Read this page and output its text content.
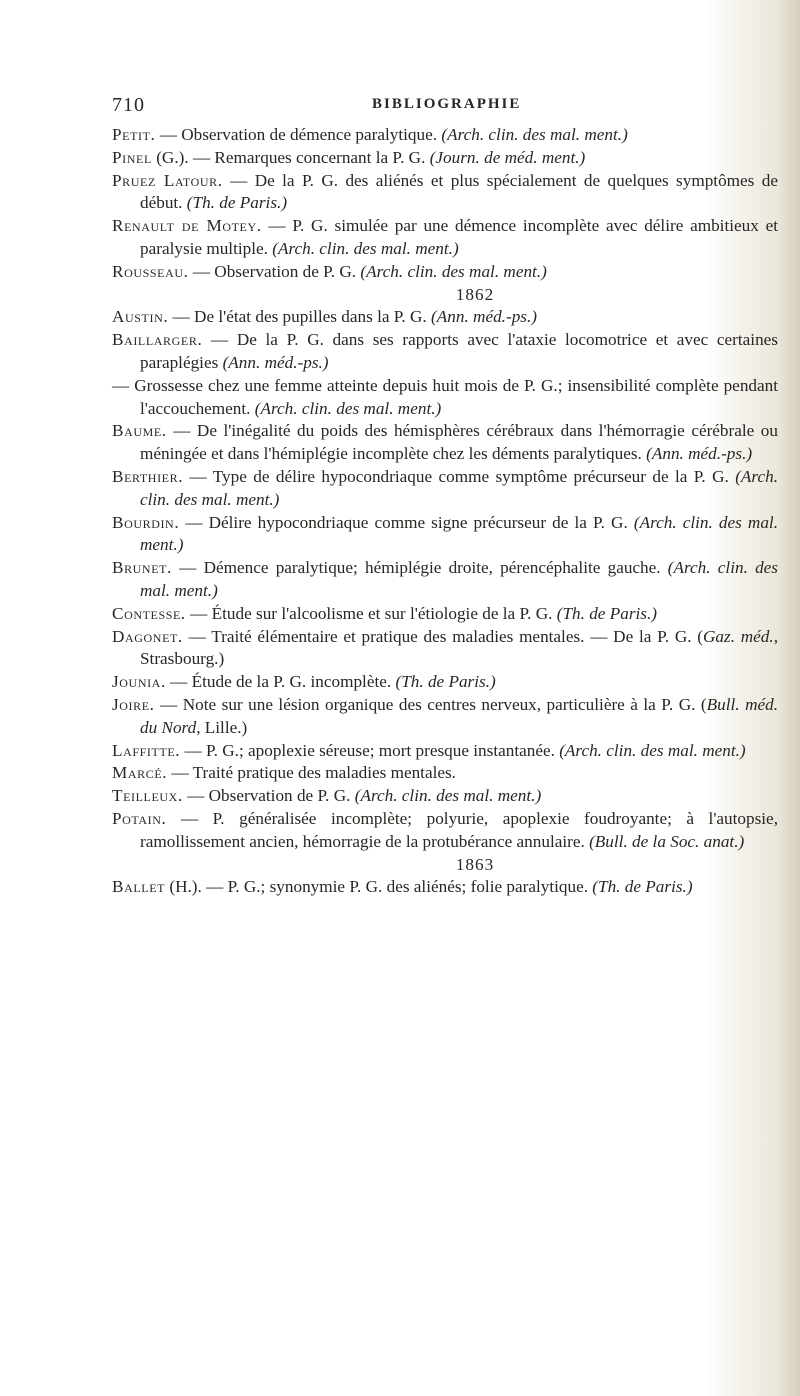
710	BIBLIOGRAPHIE

Petit. — Observation de démence paralytique. (Arch. clin. des mal. ment.)

Pinel (G.). — Remarques concernant la P. G. (Journ. de méd. ment.)

Pruez Latour. — De la P. G. des aliénés et plus spécialement de quelques symptômes de début. (Th. de Paris.)

Renault de Motey. — P. G. simulée par une démence incomplète avec délire ambitieux et paralysie multiple. (Arch. clin. des mal. ment.)

Rousseau. — Observation de P. G. (Arch. clin. des mal. ment.)

1862

Austin. — De l'état des pupilles dans la P. G. (Ann. méd.-ps.)

Baillarger. — De la P. G. dans ses rapports avec l'ataxie locomotrice et avec certaines paraplégies (Ann. méd.-ps.)

— Grossesse chez une femme atteinte depuis huit mois de P. G.; insensibilité complète pendant l'accouchement. (Arch. clin. des mal. ment.)

Baume. — De l'inégalité du poids des hémisphères cérébraux dans l'hémorragie cérébrale ou méningée et dans l'hémiplégie incomplète chez les déments paralytiques. (Ann. méd.-ps.)

Berthier. — Type de délire hypocondriaque comme symptôme précurseur de la P. G. (Arch. clin. des mal. ment.)

Bourdin. — Délire hypocondriaque comme signe précurseur de la P. G. (Arch. clin. des mal. ment.)

Brunet. — Démence paralytique; hémiplégie droite, pérencéphalite gauche. (Arch. clin. des mal. ment.)

Contesse. — Étude sur l'alcoolisme et sur l'étiologie de la P. G. (Th. de Paris.)

Dagonet. — Traité élémentaire et pratique des maladies mentales. — De la P. G. (Gaz. méd., Strasbourg.)

Jounia. — Étude de la P. G. incomplète. (Th. de Paris.)

Joire. — Note sur une lésion organique des centres nerveux, particulière à la P. G. (Bull. méd. du Nord, Lille.)

Laffitte. — P. G.; apoplexie séreuse; mort presque instantanée. (Arch. clin. des mal. ment.)

Marcé. — Traité pratique des maladies mentales.

Teilleux. — Observation de P. G. (Arch. clin. des mal. ment.)

Potain. — P. généralisée incomplète; polyurie, apoplexie foudroyante; à l'autopsie, ramollissement ancien, hémorragie de la protubérance annulaire. (Bull. de la Soc. anat.)

1863

Ballet (H.). — P. G.; synonymie P. G. des aliénés; folie paralytique. (Th. de Paris.)
